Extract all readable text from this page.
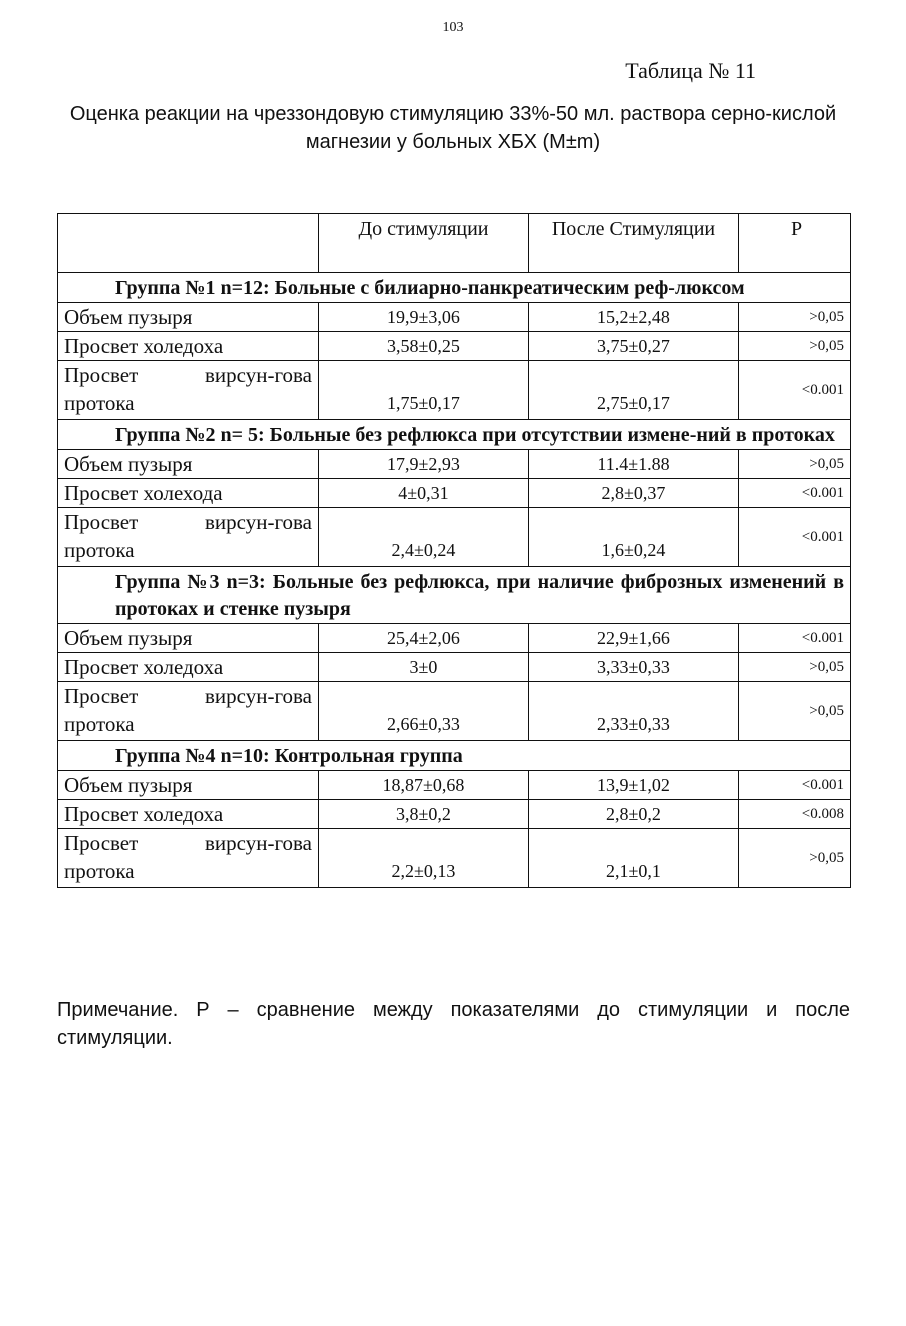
103
Таблица № 11
Оценка реакции на чреззондовую стимуляцию 33%-50 мл. раствора серно-кислой магнезии у больных ХБХ (М±m)
	До стимуляции	После Стимуляции	Р
Группа №1 n=12: Больные с билиарно-панкреатическим реф-люксом			
Объем пузыря	19,9±3,06	15,2±2,48	>0,05
Просвет холедоха	3,58±0,25	3,75±0,27	>0,05
Просвет вирсун-гова протока	1,75±0,17	2,75±0,17	<0.001
Группа №2 n= 5: Больные без рефлюкса при отсутствии измене-ний в протоках			
Объем пузыря	17,9±2,93	11.4±1.88	>0,05
Просвет холехода	4±0,31	2,8±0,37	<0.001
Просвет вирсун-гова протока	2,4±0,24	1,6±0,24	<0.001
Группа №3 n=3: Больные без рефлюкса, при наличие фиброзных изменений в протоках и стенке пузыря			
Объем пузыря	25,4±2,06	22,9±1,66	<0.001
Просвет холедоха	3±0	3,33±0,33	>0,05
Просвет вирсун-гова протока	2,66±0,33	2,33±0,33	>0,05
Группа №4 n=10: Контрольная группа			
Объем пузыря	18,87±0,68	13,9±1,02	<0.001
Просвет холедоха	3,8±0,2	2,8±0,2	<0.008
Просвет вирсун-гова протока	2,2±0,13	2,1±0,1	>0,05
Примечание. Р – сравнение между показателями до стимуляции и после стимуляции.
